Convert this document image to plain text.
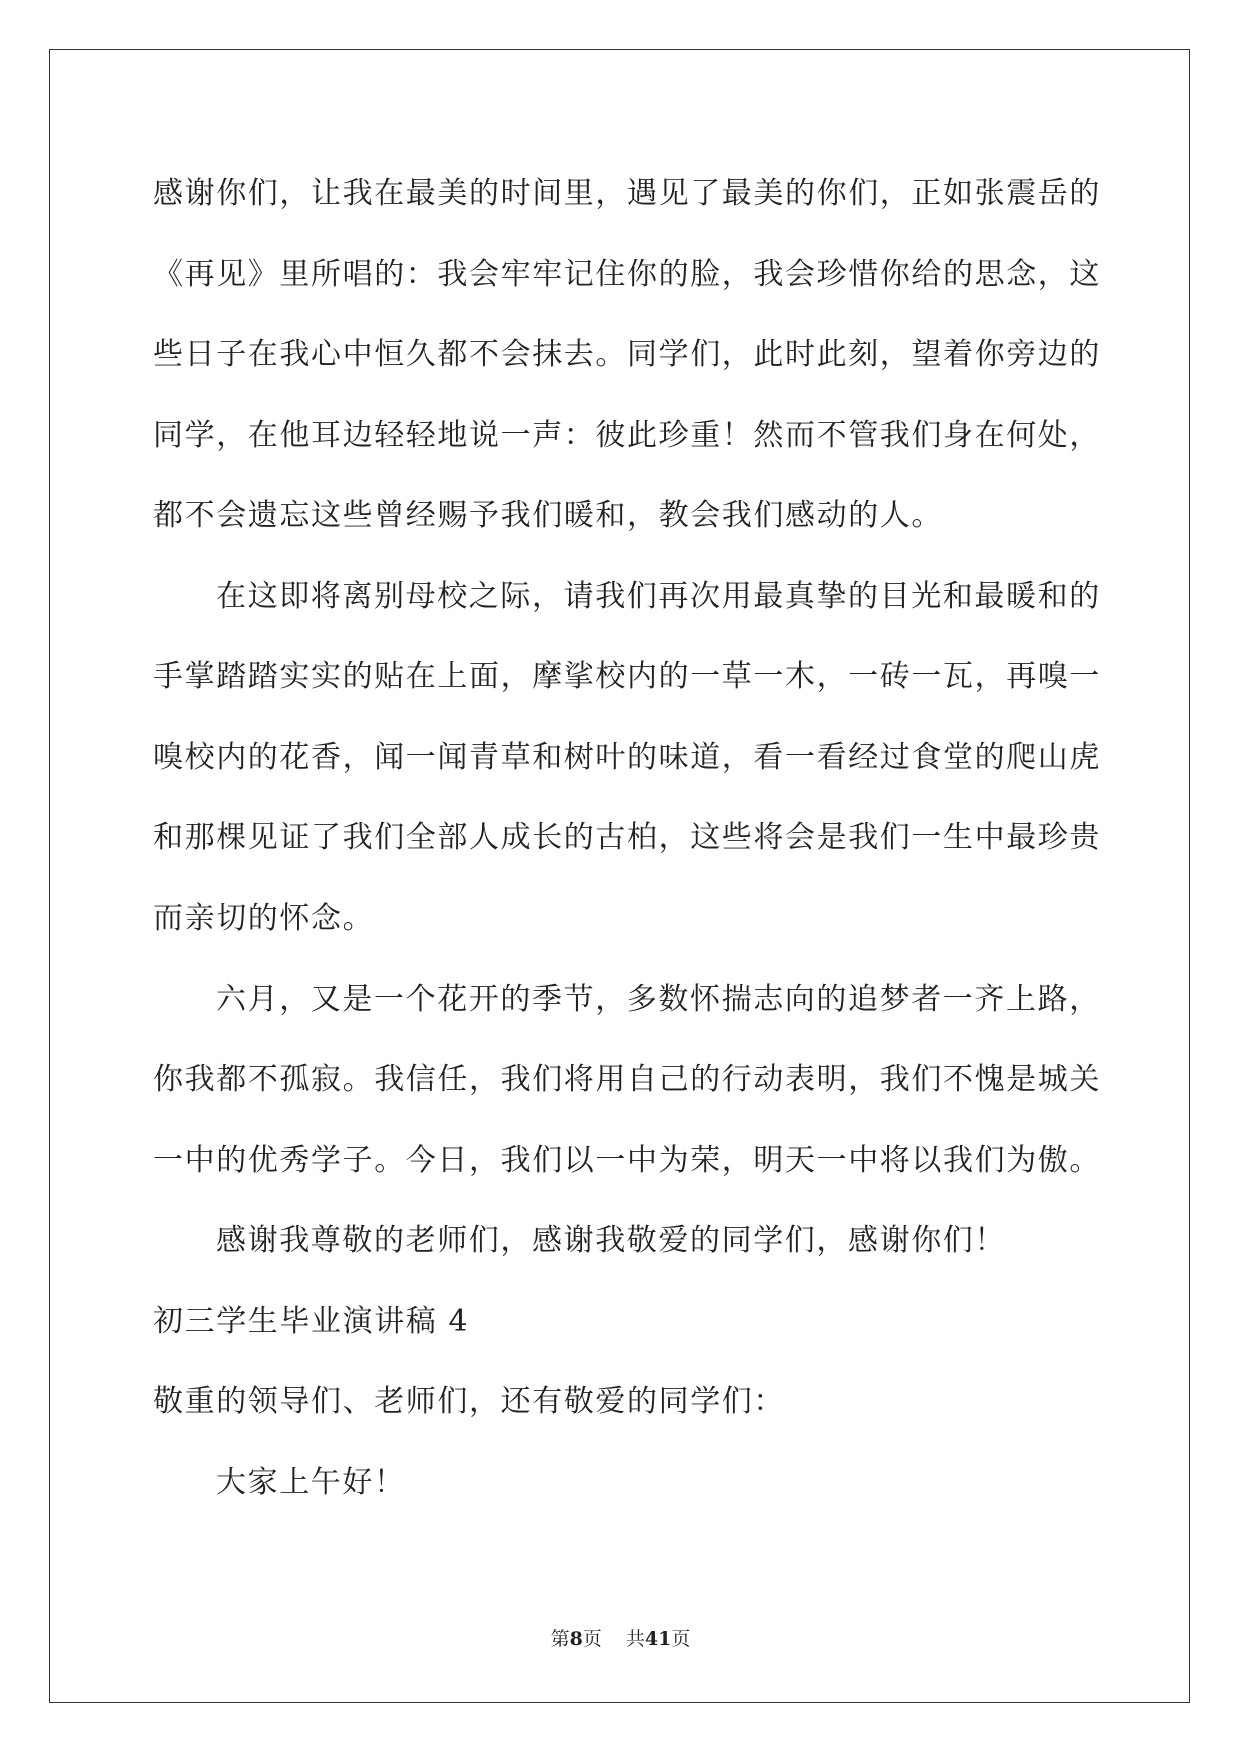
感谢你们，让我在最美的时间里，遇见了最美的你们，正如张震岳的
《再见》里所唱的：我会牢牢记住你的脸，我会珍惜你给的思念，这
些日子在我心中恒久都不会抹去。同学们，此时此刻，望着你旁边的
同学，在他耳边轻轻地说一声：彼此珍重！然而不管我们身在何处，
都不会遗忘这些曾经赐予我们暖和，教会我们感动的人。
在这即将离别母校之际，请我们再次用最真挚的目光和最暖和的
手掌踏踏实实的贴在上面，摩挲校内的一草一木，一砖一瓦，再嗅一
嗅校内的花香，闻一闻青草和树叶的味道，看一看经过食堂的爬山虎
和那棵见证了我们全部人成长的古柏，这些将会是我们一生中最珍贵
而亲切的怀念。
六月，又是一个花开的季节，多数怀揣志向的追梦者一齐上路，
你我都不孤寂。我信任，我们将用自己的行动表明，我们不愧是城关
一中的优秀学子。今日，我们以一中为荣，明天一中将以我们为傲。
感谢我尊敬的老师们，感谢我敬爱的同学们，感谢你们！
初三学生毕业演讲稿 4
敬重的领导们、老师们，还有敬爱的同学们：
大家上午好！
第8页 共41页
